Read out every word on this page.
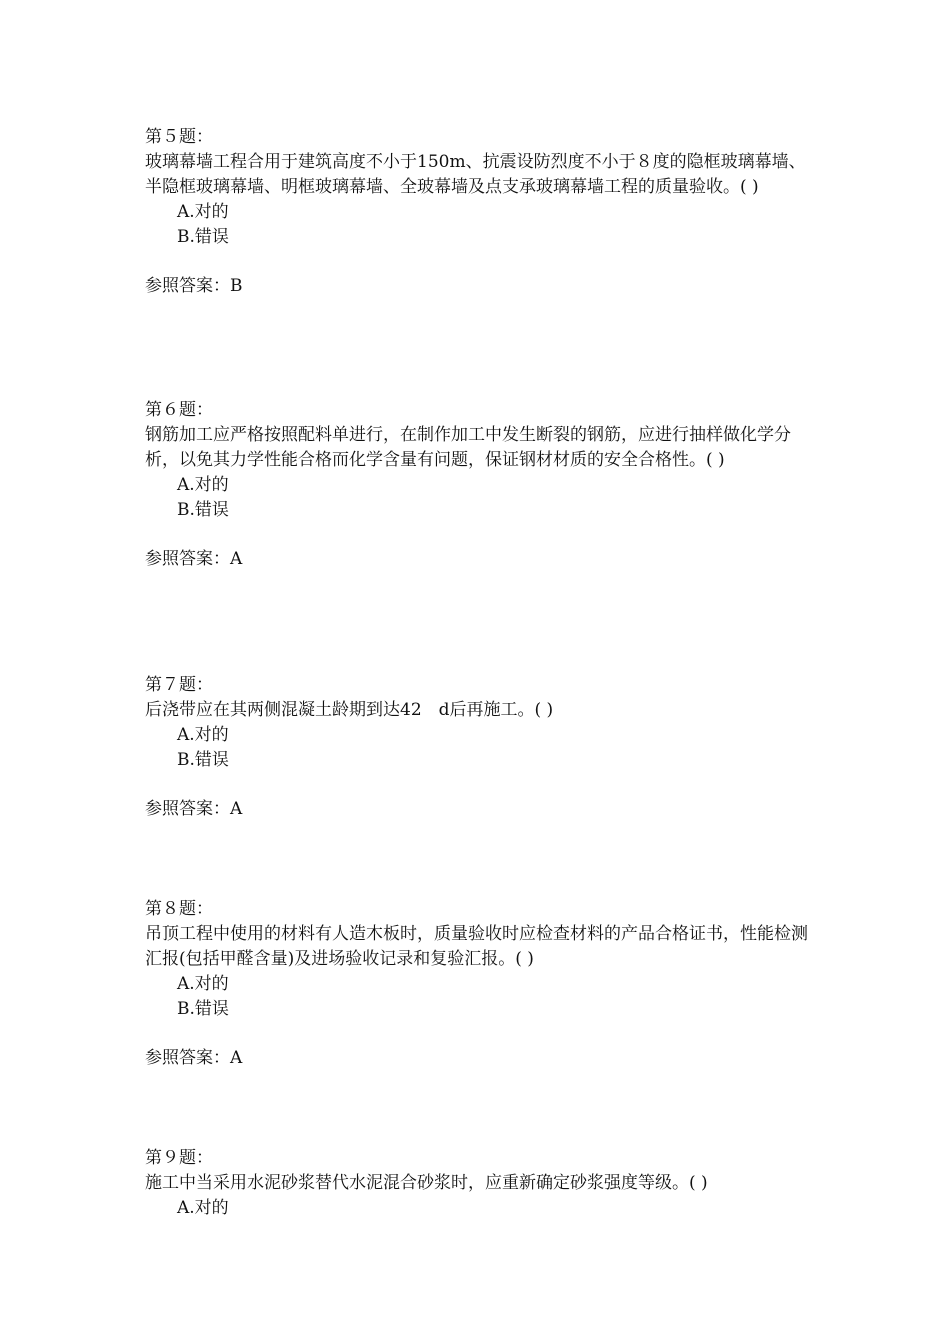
第５题：
玻璃幕墙工程合用于建筑高度不小于150m、抗震设防烈度不小于８度的隐框玻璃幕墙、半隐框玻璃幕墙、明框玻璃幕墙、全玻幕墙及点支承玻璃幕墙工程的质量验收。( )
A.对的
B.错误
参照答案：B
第６题：
钢筋加工应严格按照配料单进行，在制作加工中发生断裂的钢筋，应进行抽样做化学分析，以免其力学性能合格而化学含量有问题，保证钢材材质的安全合格性。( )
A.对的
B.错误
参照答案：A
第７题：
后浇带应在其两侧混凝土龄期到达42　d后再施工。( )
A.对的
B.错误
参照答案：A
第８题：
吊顶工程中使用的材料有人造木板时，质量验收时应检查材料的产品合格证书，性能检测汇报(包括甲醛含量)及进场验收记录和复验汇报。( )
A.对的
B.错误
参照答案：A
第９题：
施工中当采用水泥砂浆替代水泥混合砂浆时，应重新确定砂浆强度等级。( )
A.对的
